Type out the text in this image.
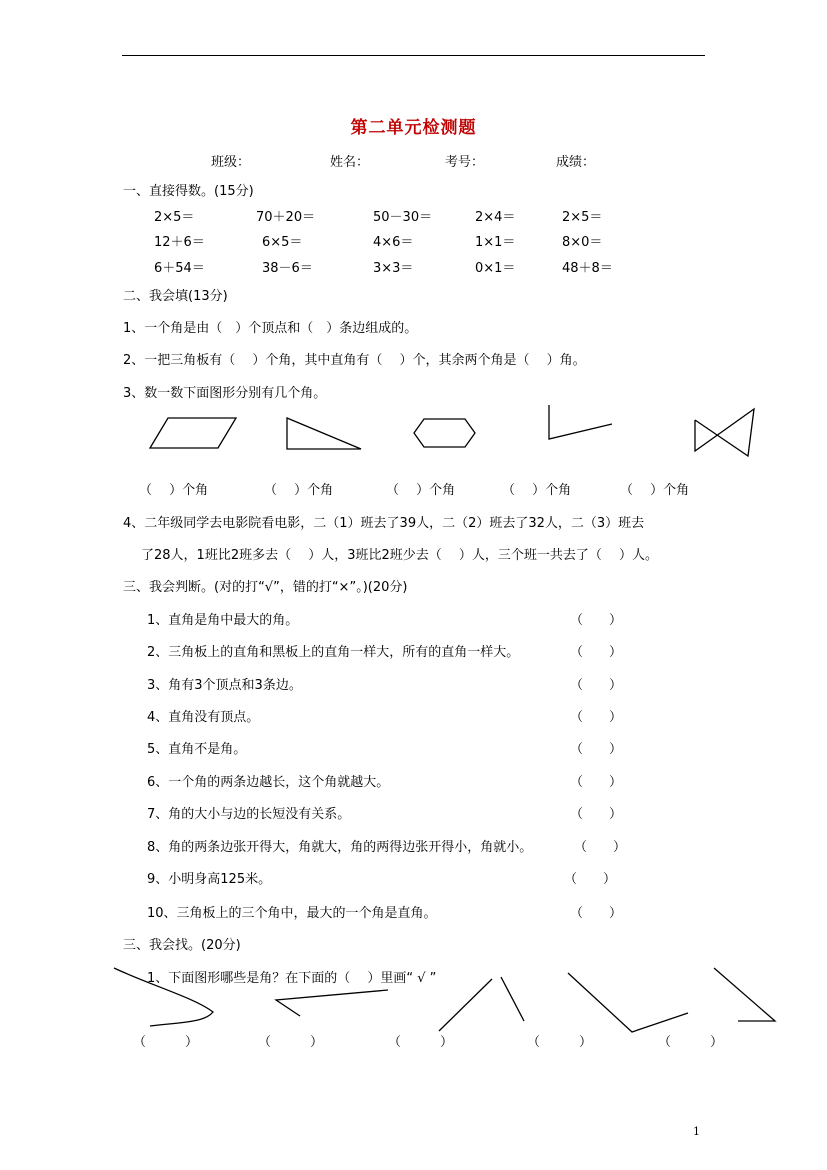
第二单元检测题
班级：	姓名：	考号：	成绩：
一、直接得数。(15分)
2×5＝	70＋20＝	50－30＝	2×4＝	2×5＝
12＋6＝	6×5＝	4×6＝	1×1＝	8×0＝
6＋54＝	38－6＝	3×3＝	0×1＝	48＋8＝
二、我会填(13分)
1、一个角是由（　）个顶点和（　）条边组成的。
2、一把三角板有（　 ）个角，其中直角有（　 ）个，其余两个角是（　 ）角。
3、数一数下面图形分别有几个角。
（　 ）个角	（　 ）个角	（　 ）个角	（　 ）个角	（　 ）个角
4、二年级同学去电影院看电影，二（1）班去了39人，二（2）班去了32人，二（3）班去
了28人，1班比2班多去（　 ）人，3班比2班少去（　 ）人，三个班一共去了（　 ）人。
三、我会判断。(对的打“√”，错的打“×”。)(20分)
1、直角是角中最大的角。	（　　）
2、三角板上的直角和黑板上的直角一样大，所有的直角一样大。	（　　）
3、角有3个顶点和3条边。	（　　）
4、直角没有顶点。	（　　）
5、直角不是角。	（　　）
6、一个角的两条边越长，这个角就越大。	（　　）
7、角的大小与边的长短没有关系。	（　　）
8、角的两条边张开得大，角就大，角的两得边张开得小，角就小。	（　　）
9、小明身高125米。	（　　）
10、三角板上的三个角中，最大的一个角是直角。	（　　）
三、我会找。(20分)
1、下面图形哪些是角？在下面的（　 ）里画“ √ ”
（　　　）	（　　　）	（　　　）	（　　　）	（　　　）
1
